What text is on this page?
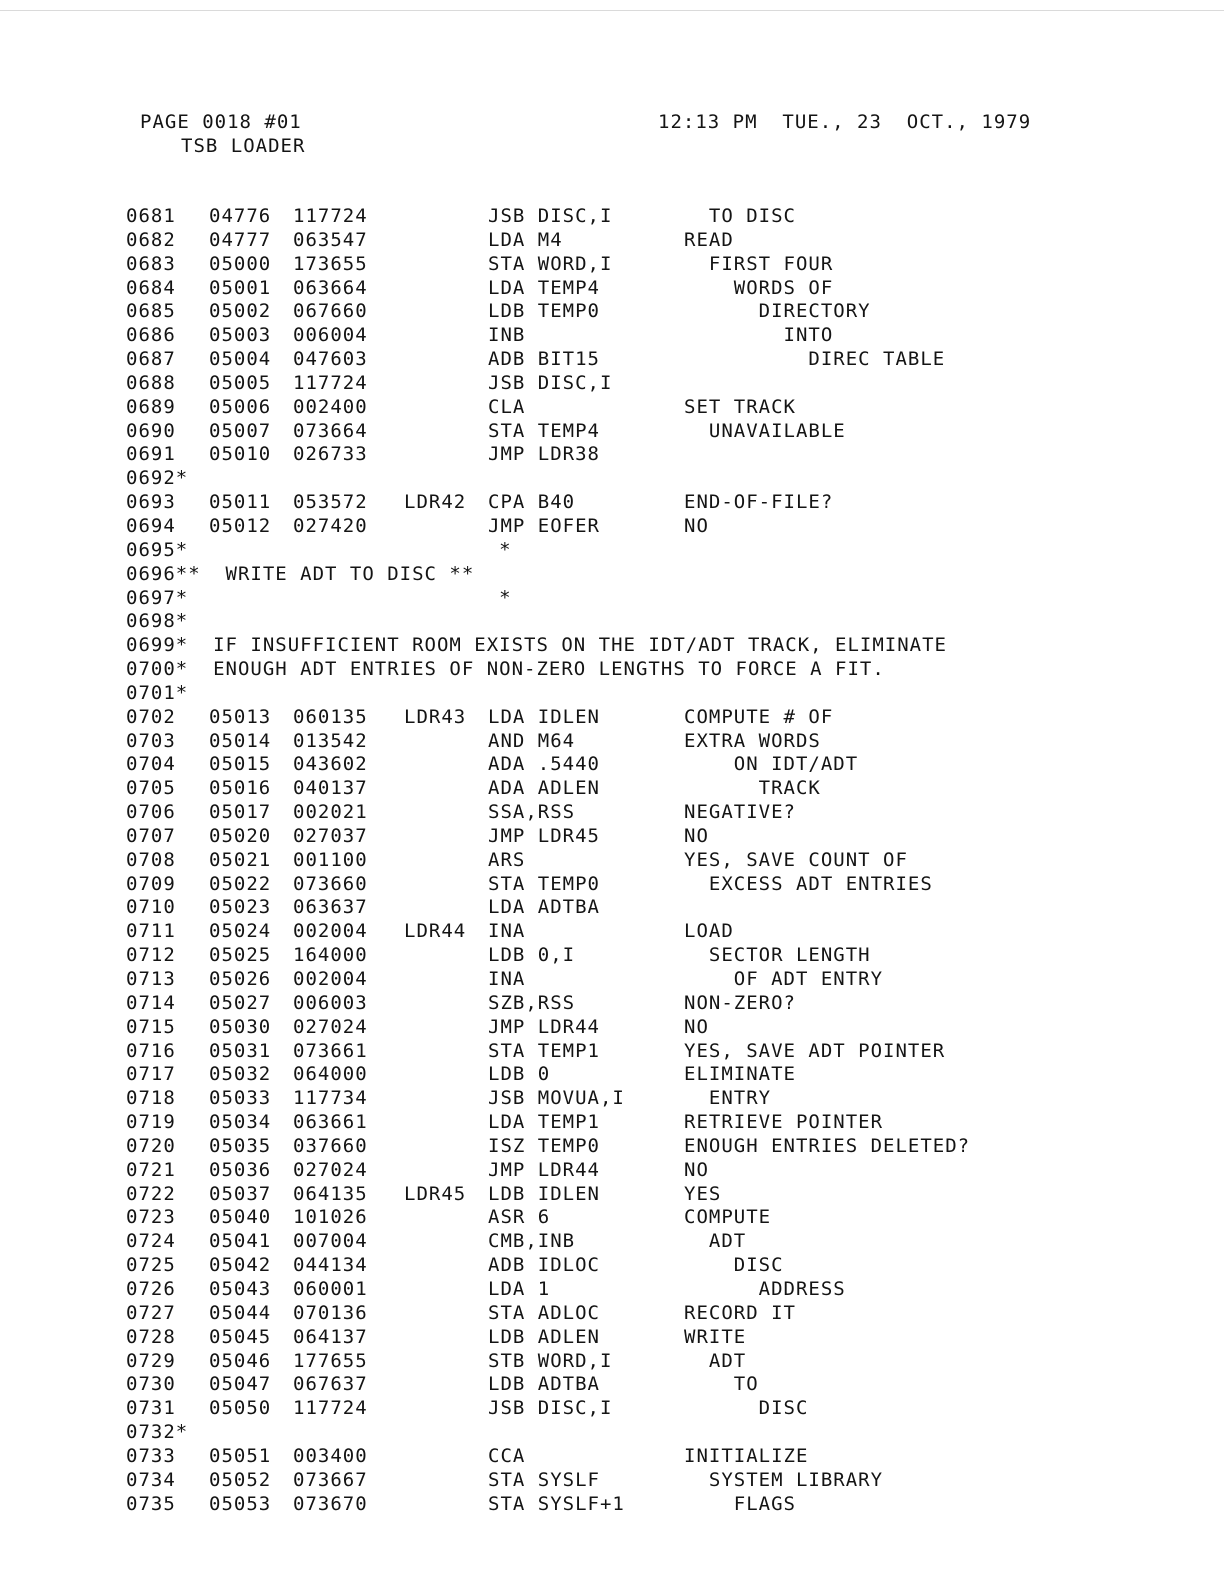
PAGE 0018 #01	12:13 PM  TUE., 23  OCT., 1979
TSB LOADER
0681 04776 117724	JSB DISC,I	TO DISC
0682 04777 063547	LDA M4	READ
0683 05000 173655	STA WORD,I	FIRST FOUR
0684 05001 063664	LDA TEMP4	WORDS OF
0685 05002 067660	LDB TEMP0	DIRECTORY
0686 05003 006004	INB	INTO
0687 05004 047603	ADB BIT15	DIREC TABLE
0688 05005 117724	JSB DISC,I
0689 05006 002400	CLA	SET TRACK
0690 05007 073664	STA TEMP4	UNAVAILABLE
0691 05010 026733	JMP LDR38
0692*
0693 05011 053572 LDR42 CPA B40	END-OF-FILE?
0694 05012 027420	JMP EOFER	NO
0695*                         *
0696**  WRITE ADT TO DISC **
0697*                         *
0698*
0699*  IF INSUFFICIENT ROOM EXISTS ON THE IDT/ADT TRACK, ELIMINATE
0700*  ENOUGH ADT ENTRIES OF NON-ZERO LENGTHS TO FORCE A FIT.
0701*
0702 05013 060135 LDR43 LDA IDLEN	COMPUTE # OF
0703 05014 013542	AND M64	EXTRA WORDS
0704 05015 043602	ADA .5440	ON IDT/ADT
0705 05016 040137	ADA ADLEN	TRACK
0706 05017 002021	SSA,RSS	NEGATIVE?
0707 05020 027037	JMP LDR45	NO
0708 05021 001100	ARS	YES, SAVE COUNT OF
0709 05022 073660	STA TEMP0	EXCESS ADT ENTRIES
0710 05023 063637	LDA ADTBA
0711 05024 002004 LDR44 INA	LOAD
0712 05025 164000	LDB 0,I	SECTOR LENGTH
0713 05026 002004	INA	OF ADT ENTRY
0714 05027 006003	SZB,RSS	NON-ZERO?
0715 05030 027024	JMP LDR44	NO
0716 05031 073661	STA TEMP1	YES, SAVE ADT POINTER
0717 05032 064000	LDB 0	ELIMINATE
0718 05033 117734	JSB MOVUA,I	ENTRY
0719 05034 063661	LDA TEMP1	RETRIEVE POINTER
0720 05035 037660	ISZ TEMP0	ENOUGH ENTRIES DELETED?
0721 05036 027024	JMP LDR44	NO
0722 05037 064135 LDR45 LDB IDLEN	YES
0723 05040 101026	ASR 6	COMPUTE
0724 05041 007004	CMB,INB	ADT
0725 05042 044134	ADB IDLOC	DISC
0726 05043 060001	LDA 1	ADDRESS
0727 05044 070136	STA ADLOC	RECORD IT
0728 05045 064137	LDB ADLEN	WRITE
0729 05046 177655	STB WORD,I	ADT
0730 05047 067637	LDB ADTBA	TO
0731 05050 117724	JSB DISC,I	DISC
0732*
0733 05051 003400	CCA	INITIALIZE
0734 05052 073667	STA SYSLF	SYSTEM LIBRARY
0735 05053 073670	STA SYSLF+1	FLAGS
